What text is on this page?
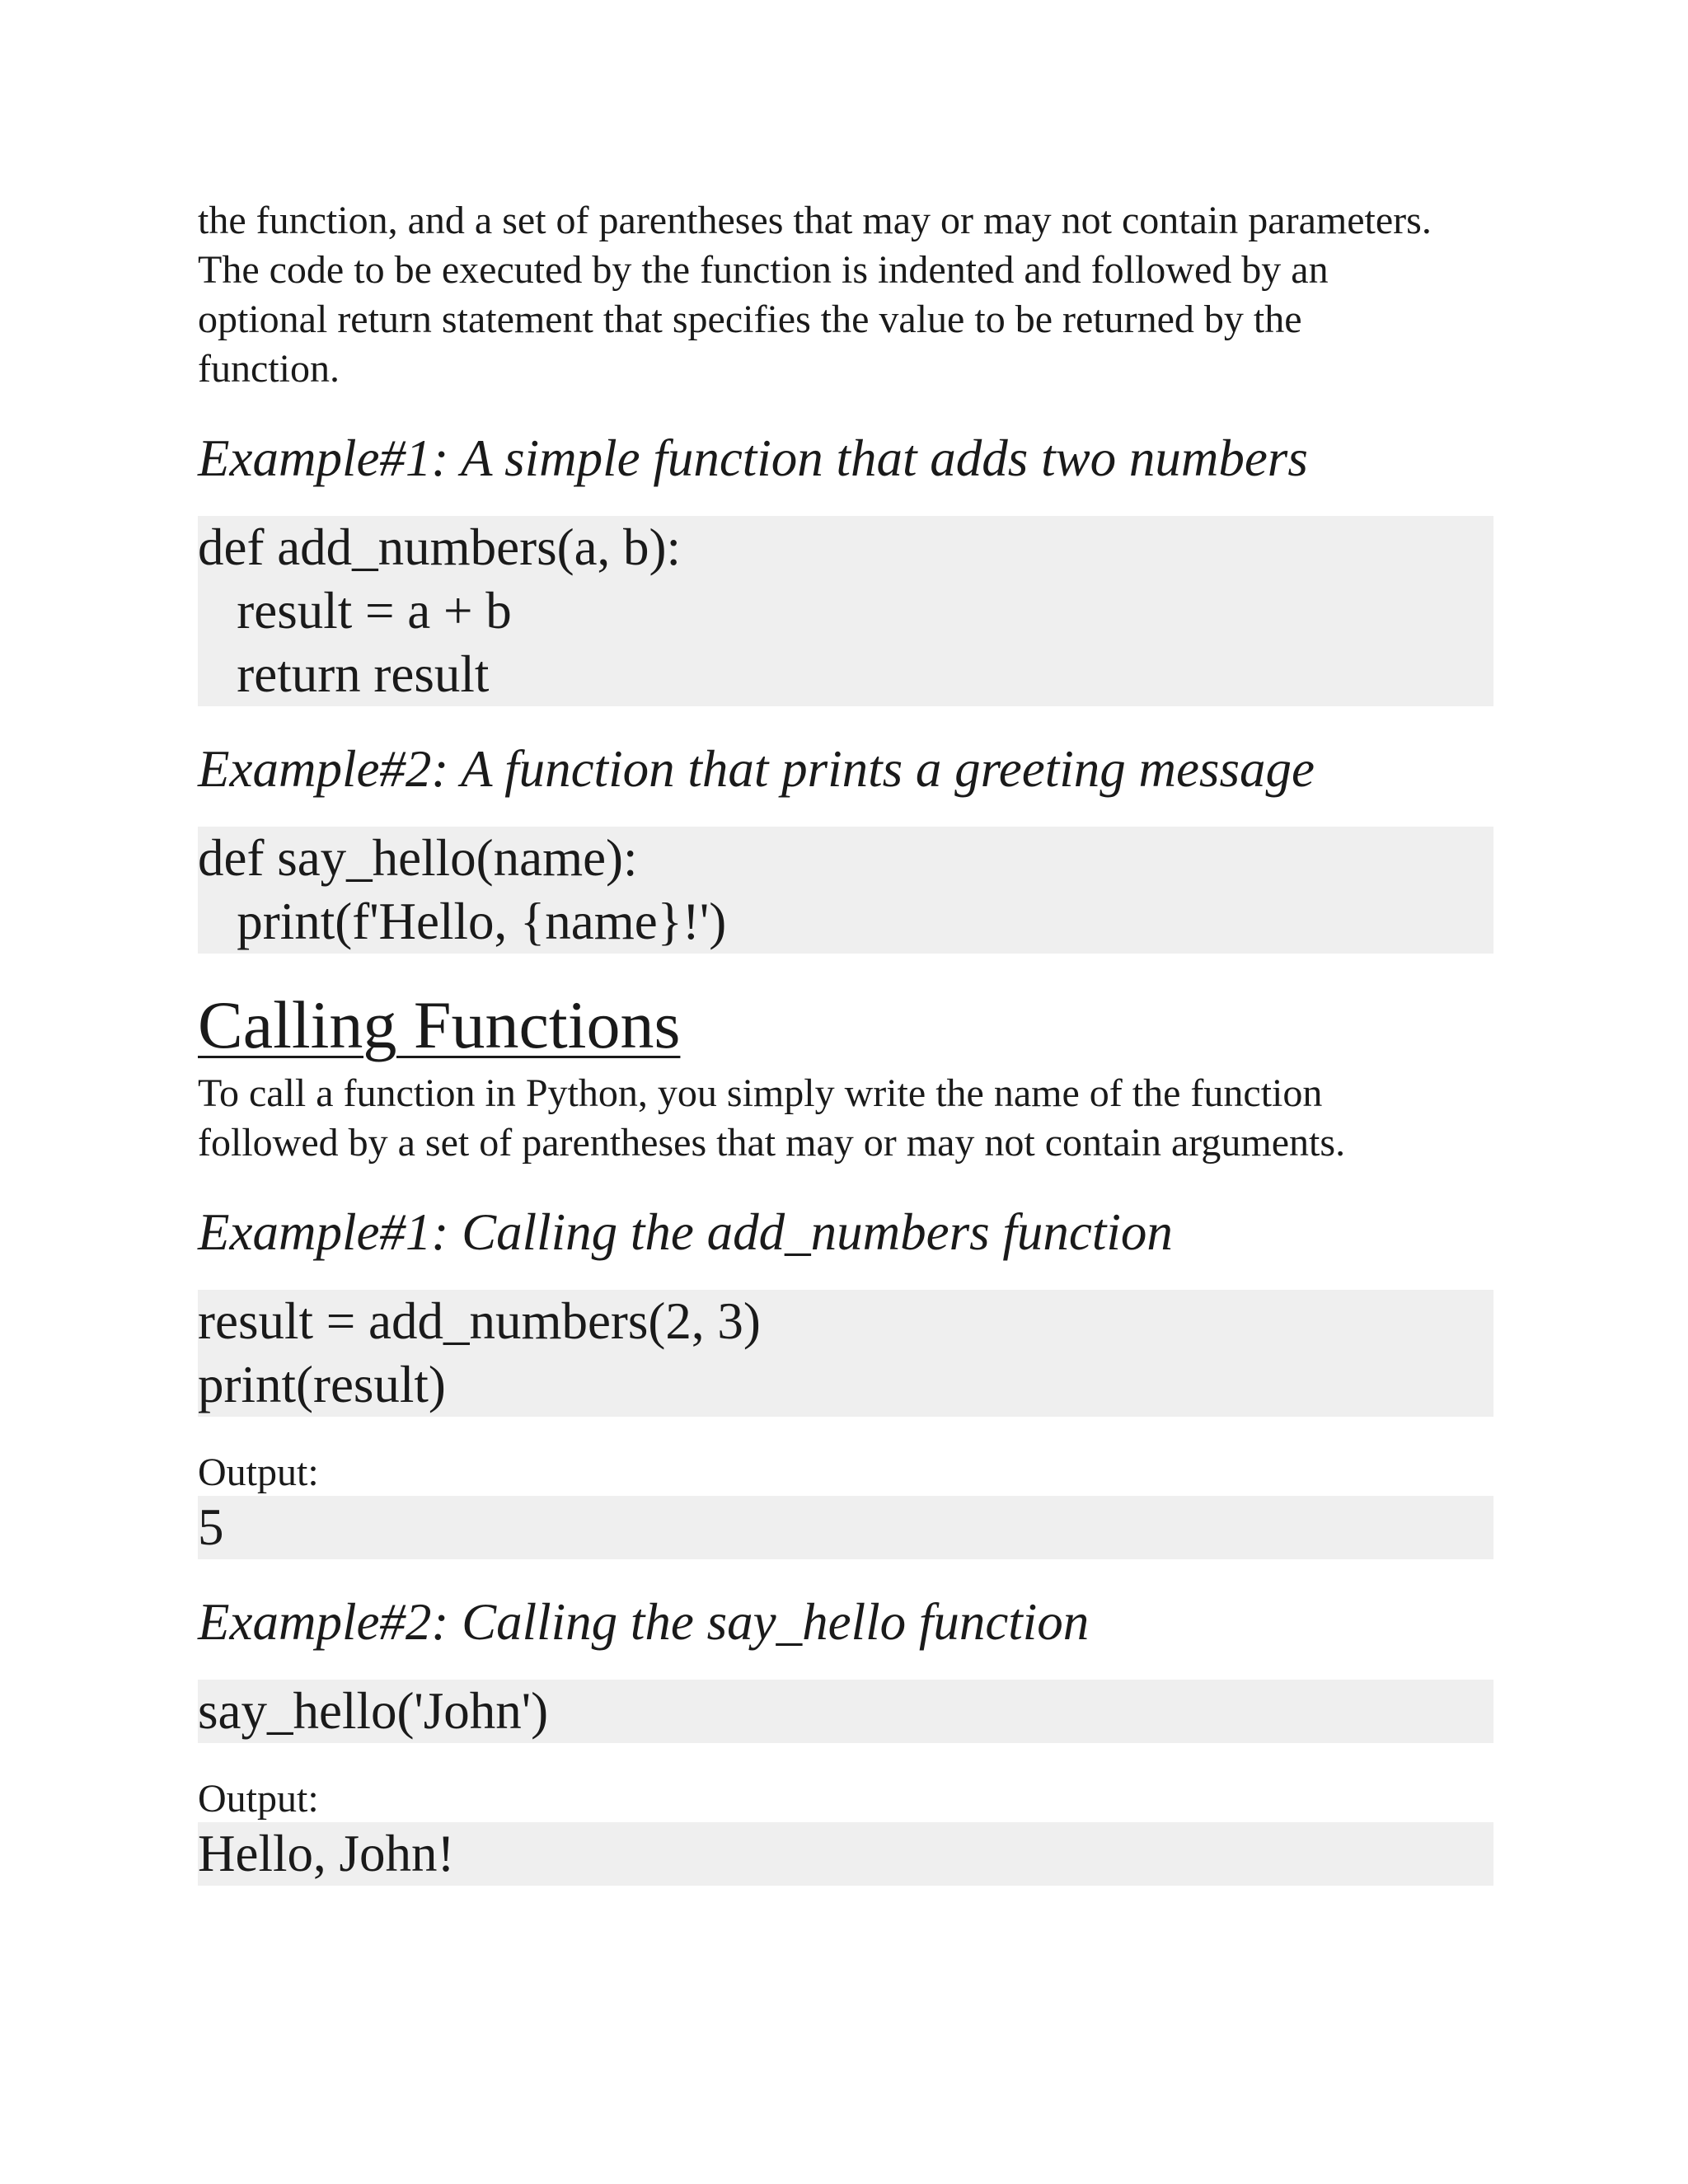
the function, and a set of parentheses that may or may not contain parameters.
The code to be executed by the function is indented and followed by an
optional return statement that specifies the value to be returned by the
function.

Example#1: A simple function that adds two numbers
def add_numbers(a, b):
result = a + b
return result
Example#2: A function that prints a greeting message
def say_hello(name):
print(f'Hello, {name}!')
Calling Functions

To call a function in Python, you simply write the name of the function
followed by a set of parentheses that may or may not contain arguments.

Example#1: Calling the add_numbers function
result = add_numbers(2, 3)
print(result)

Output:

5
Example#2: Calling the say_hello function
say_hello('John')

Output:

Hello, John!
